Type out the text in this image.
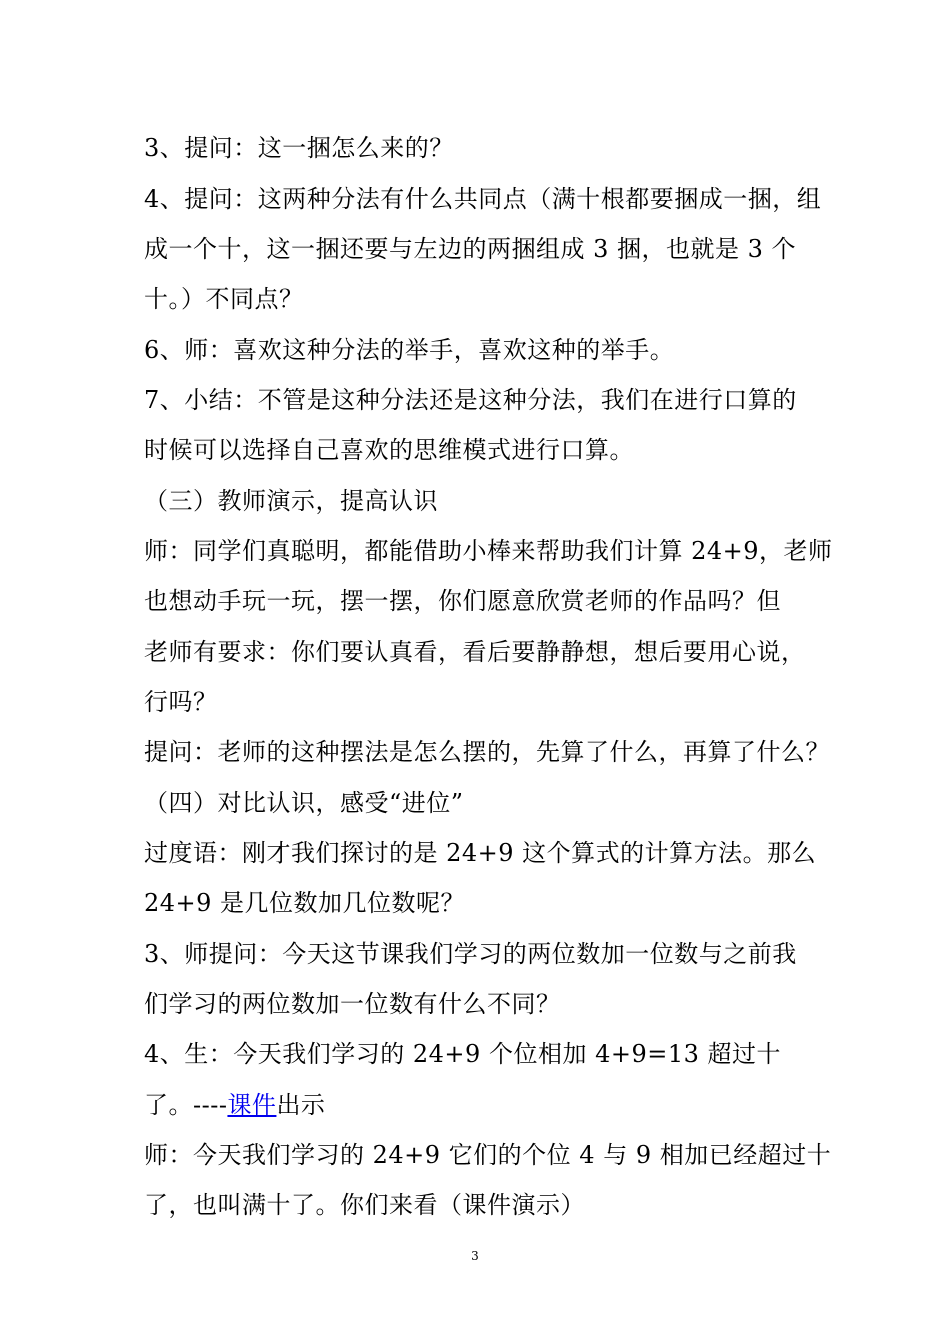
3、提问：这一捆怎么来的？
4、提问：这两种分法有什么共同点（满十根都要捆成一捆，组
成一个十，这一捆还要与左边的两捆组成 3 捆，也就是 3 个
十。）不同点？
6、师：喜欢这种分法的举手，喜欢这种的举手。
7、小结：不管是这种分法还是这种分法，我们在进行口算的
时候可以选择自己喜欢的思维模式进行口算。
（三）教师演示，提高认识
师：同学们真聪明，都能借助小棒来帮助我们计算 24+9，老师
也想动手玩一玩，摆一摆，你们愿意欣赏老师的作品吗？但
老师有要求：你们要认真看，看后要静静想，想后要用心说，
行吗？
提问：老师的这种摆法是怎么摆的，先算了什么，再算了什么？
（四）对比认识，感受“进位”
过度语：刚才我们探讨的是 24+9 这个算式的计算方法。那么
24+9 是几位数加几位数呢？
3、师提问：今天这节课我们学习的两位数加一位数与之前我
们学习的两位数加一位数有什么不同？
4、生：今天我们学习的 24+9 个位相加 4+9=13 超过十
了。----课件出示
师：今天我们学习的 24+9 它们的个位 4 与 9 相加已经超过十
了，也叫满十了。你们来看（课件演示）
3
